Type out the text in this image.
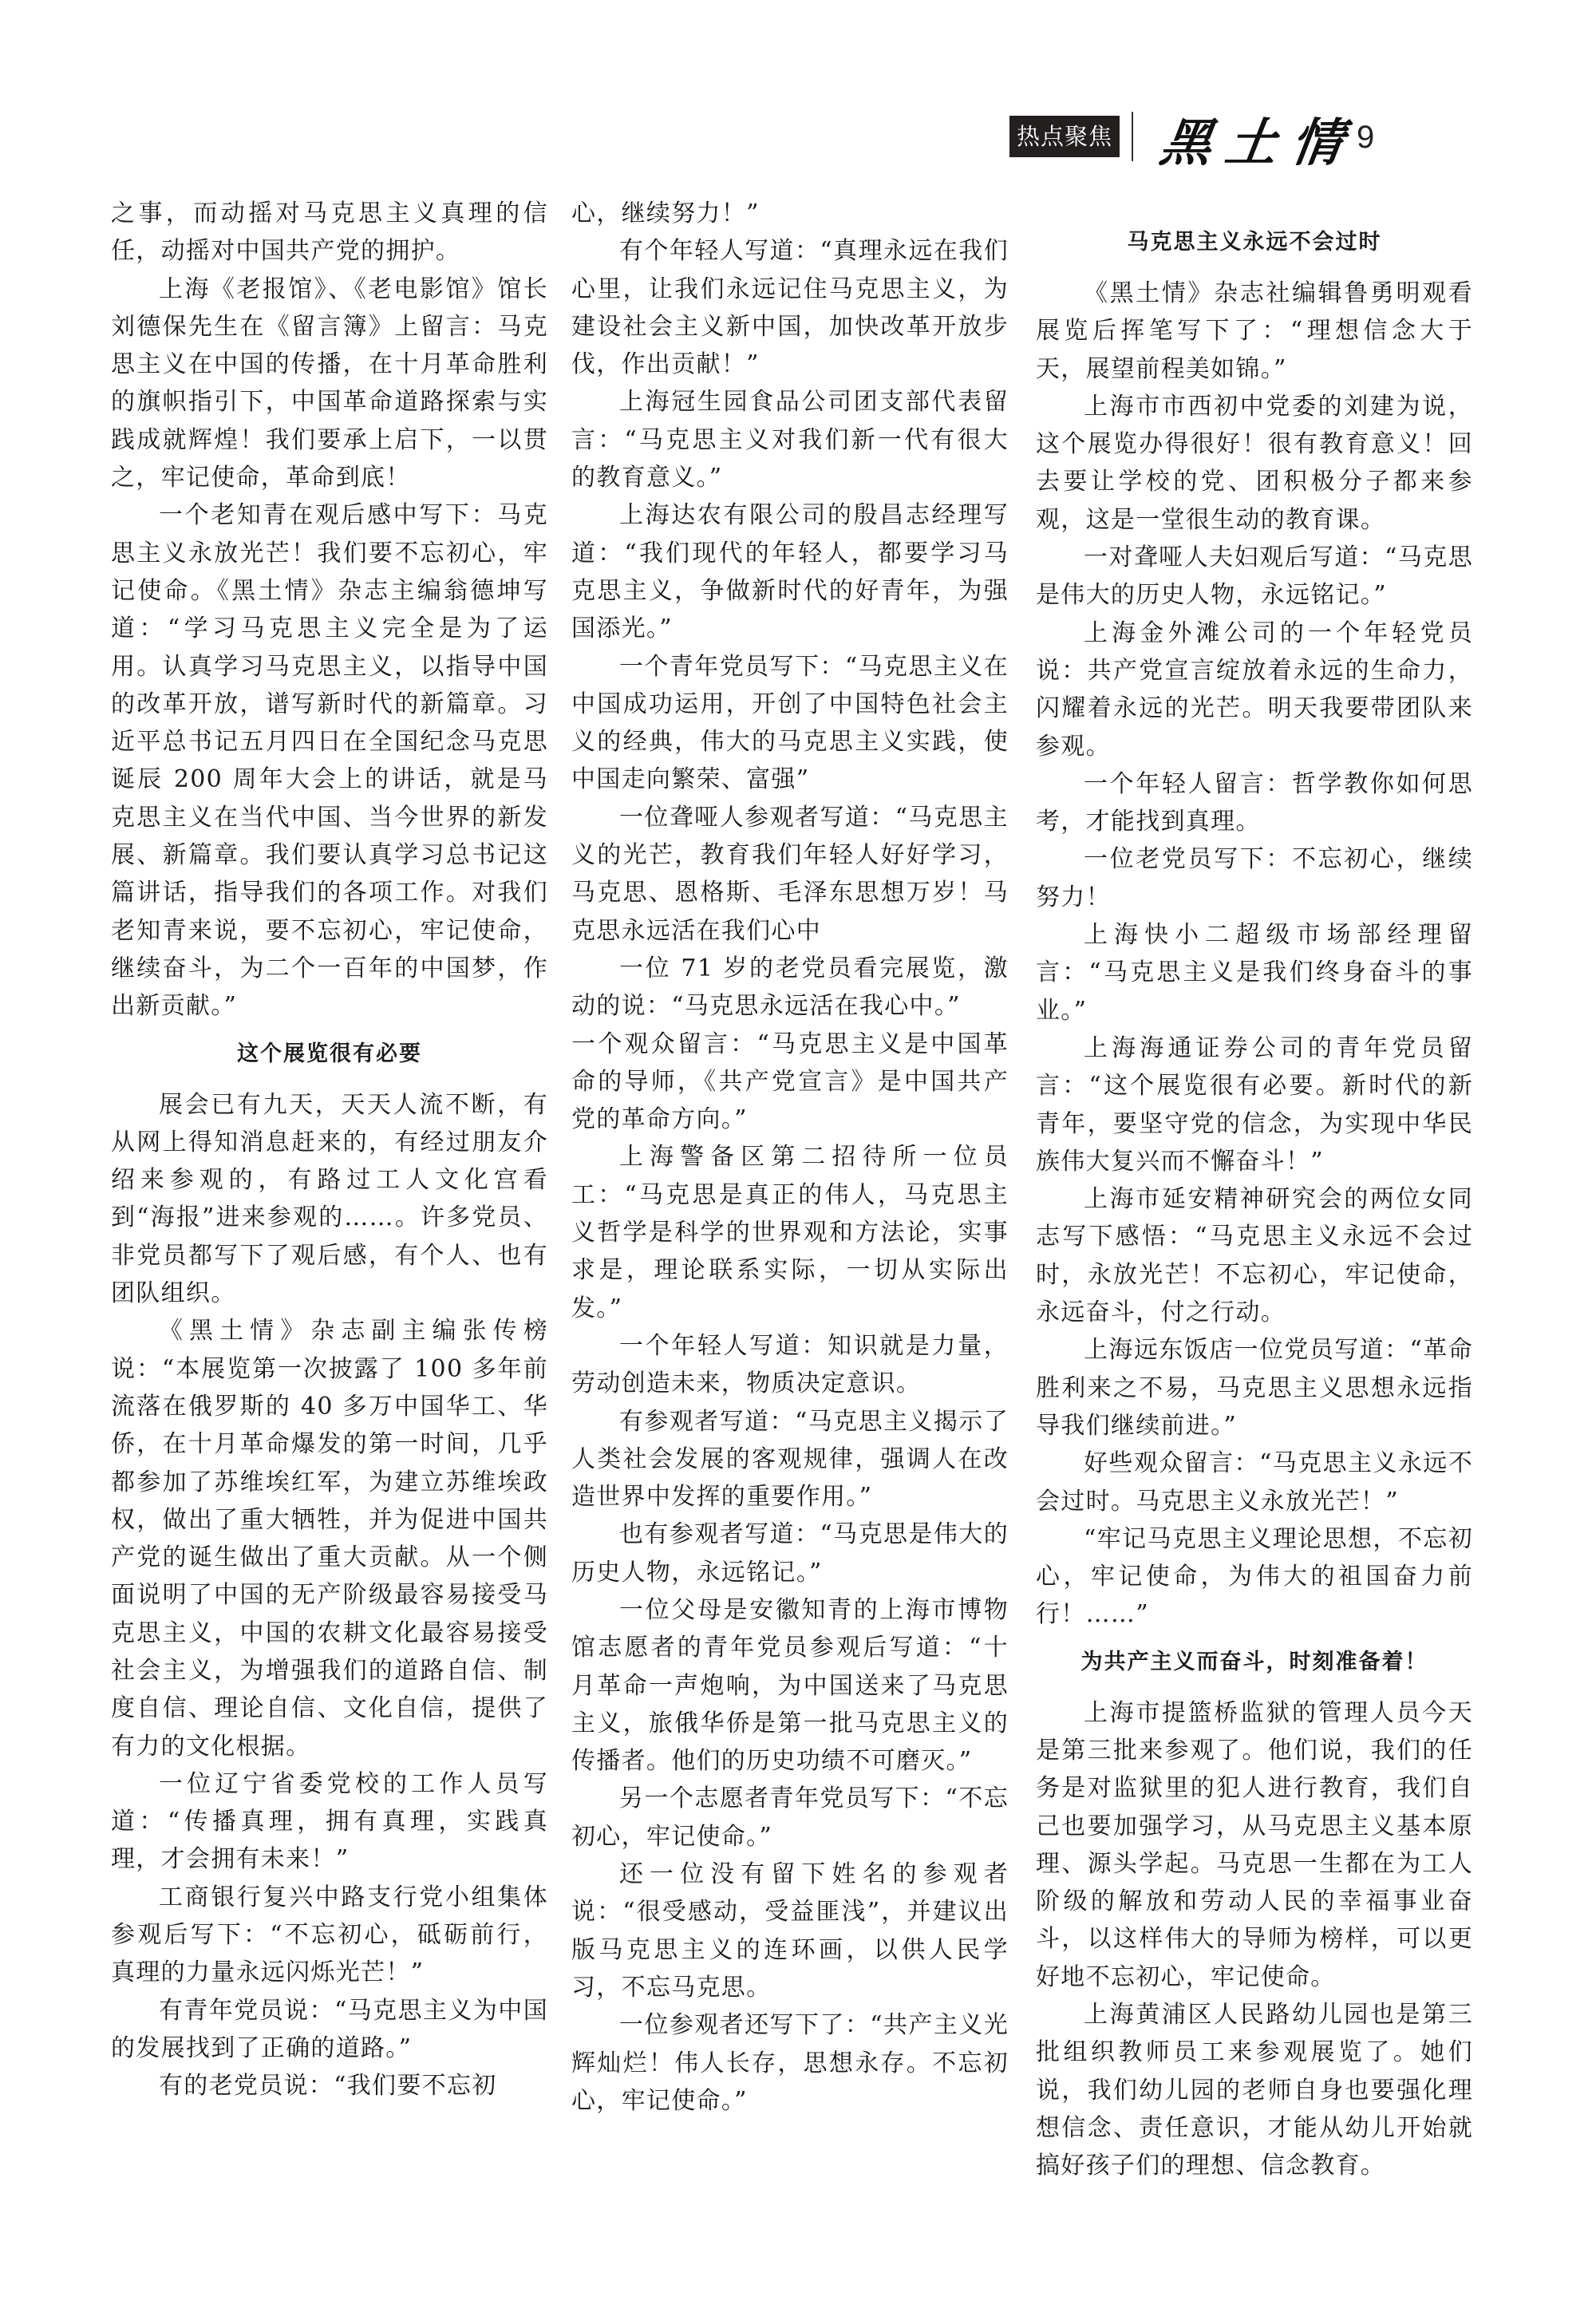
热点聚焦 黑土情
9

之事，而动摇对马克思主义真理的信任，动摇对中国共产党的拥护。

上海《老报馆》、《老电影馆》馆长刘德保先生在《留言簿》上留言：马克思主义在中国的传播，在十月革命胜利的旗帜指引下，中国革命道路探索与实践成就辉煌！我们要承上启下，一以贯之，牢记使命，革命到底！

一个老知青在观后感中写下：马克思主义永放光芒！我们要不忘初心，牢记使命。《黑土情》杂志主编翁德坤写道：“学习马克思主义完全是为了运用。认真学习马克思主义，以指导中国的改革开放，谱写新时代的新篇章。习近平总书记五月四日在全国纪念马克思诞辰 200 周年大会上的讲话，就是马克思主义在当代中国、当今世界的新发展、新篇章。我们要认真学习总书记这篇讲话，指导我们的各项工作。对我们老知青来说，要不忘初心，牢记使命，继续奋斗，为二个一百年的中国梦，作出新贡献。”

这个展览很有必要

展会已有九天，天天人流不断，有从网上得知消息赶来的，有经过朋友介绍来参观的，有路过工人文化宫看到“海报”进来参观的……。许多党员、非党员都写下了观后感，有个人、也有团队组织。

《黑土情》杂志副主编张传榜说：“本展览第一次披露了 100 多年前流落在俄罗斯的 40 多万中国华工、华侨，在十月革命爆发的第一时间，几乎都参加了苏维埃红军，为建立苏维埃政权，做出了重大牺牲，并为促进中国共产党的诞生做出了重大贡献。从一个侧面说明了中国的无产阶级最容易接受马克思主义，中国的农耕文化最容易接受社会主义，为增强我们的道路自信、制度自信、理论自信、文化自信，提供了有力的文化根据。

一位辽宁省委党校的工作人员写道：“传播真理，拥有真理，实践真理，才会拥有未来！”

工商银行复兴中路支行党小组集体参观后写下：“不忘初心，砥砺前行，真理的力量永远闪烁光芒！”

有青年党员说：“马克思主义为中国的发展找到了正确的道路。”

有的老党员说：“我们要不忘初

心，继续努力！”

有个年轻人写道：“真理永远在我们心里，让我们永远记住马克思主义，为建设社会主义新中国，加快改革开放步伐，作出贡献！”

上海冠生园食品公司团支部代表留言：“马克思主义对我们新一代有很大的教育意义。”

上海达农有限公司的殷昌志经理写道：“我们现代的年轻人，都要学习马克思主义，争做新时代的好青年，为强国添光。”

一个青年党员写下：“马克思主义在中国成功运用，开创了中国特色社会主义的经典，伟大的马克思主义实践，使中国走向繁荣、富强”

一位聋哑人参观者写道：“马克思主义的光芒，教育我们年轻人好好学习，马克思、恩格斯、毛泽东思想万岁！马克思永远活在我们心中

一位 71 岁的老党员看完展览，激动的说：“马克思永远活在我心中。”

一个观众留言：“马克思主义是中国革命的导师，《共产党宣言》是中国共产党的革命方向。”

上海警备区第二招待所一位员工：“马克思是真正的伟人，马克思主义哲学是科学的世界观和方法论，实事求是，理论联系实际，一切从实际出发。”

一个年轻人写道：知识就是力量，劳动创造未来，物质决定意识。

有参观者写道：“马克思主义揭示了人类社会发展的客观规律，强调人在改造世界中发挥的重要作用。”

也有参观者写道：“马克思是伟大的历史人物，永远铭记。”

一位父母是安徽知青的上海市博物馆志愿者的青年党员参观后写道：“十月革命一声炮响，为中国送来了马克思主义，旅俄华侨是第一批马克思主义的传播者。他们的历史功绩不可磨灭。”

另一个志愿者青年党员写下：“不忘初心，牢记使命。”

还一位没有留下姓名的参观者说：“很受感动，受益匪浅”，并建议出版马克思主义的连环画，以供人民学习，不忘马克思。

一位参观者还写下了：“共产主义光辉灿烂！伟人长存，思想永存。不忘初心，牢记使命。”

马克思主义永远不会过时

《黑土情》杂志社编辑鲁勇明观看展览后挥笔写下了：“理想信念大于天，展望前程美如锦。”

上海市市西初中党委的刘建为说，这个展览办得很好！很有教育意义！回去要让学校的党、团积极分子都来参观，这是一堂很生动的教育课。

一对聋哑人夫妇观后写道：“马克思是伟大的历史人物，永远铭记。”

上海金外滩公司的一个年轻党员说：共产党宣言绽放着永远的生命力，闪耀着永远的光芒。明天我要带团队来参观。

一个年轻人留言：哲学教你如何思考，才能找到真理。

一位老党员写下：不忘初心，继续努力！

上海快小二超级市场部经理留言：“马克思主义是我们终身奋斗的事业。”

上海海通证券公司的青年党员留言：“这个展览很有必要。新时代的新青年，要坚守党的信念，为实现中华民族伟大复兴而不懈奋斗！”

上海市延安精神研究会的两位女同志写下感悟：“马克思主义永远不会过时，永放光芒！不忘初心，牢记使命，永远奋斗，付之行动。

上海远东饭店一位党员写道：“革命胜利来之不易，马克思主义思想永远指导我们继续前进。”

好些观众留言：“马克思主义永远不会过时。马克思主义永放光芒！”

“牢记马克思主义理论思想，不忘初心，牢记使命，为伟大的祖国奋力前行！……”

为共产主义而奋斗，时刻准备着！

上海市提篮桥监狱的管理人员今天是第三批来参观了。他们说，我们的任务是对监狱里的犯人进行教育，我们自己也要加强学习，从马克思主义基本原理、源头学起。马克思一生都在为工人阶级的解放和劳动人民的幸福事业奋斗，以这样伟大的导师为榜样，可以更好地不忘初心，牢记使命。

上海黄浦区人民路幼儿园也是第三批组织教师员工来参观展览了。她们说，我们幼儿园的老师自身也要强化理想信念、责任意识，才能从幼儿开始就搞好孩子们的理想、信念教育。
